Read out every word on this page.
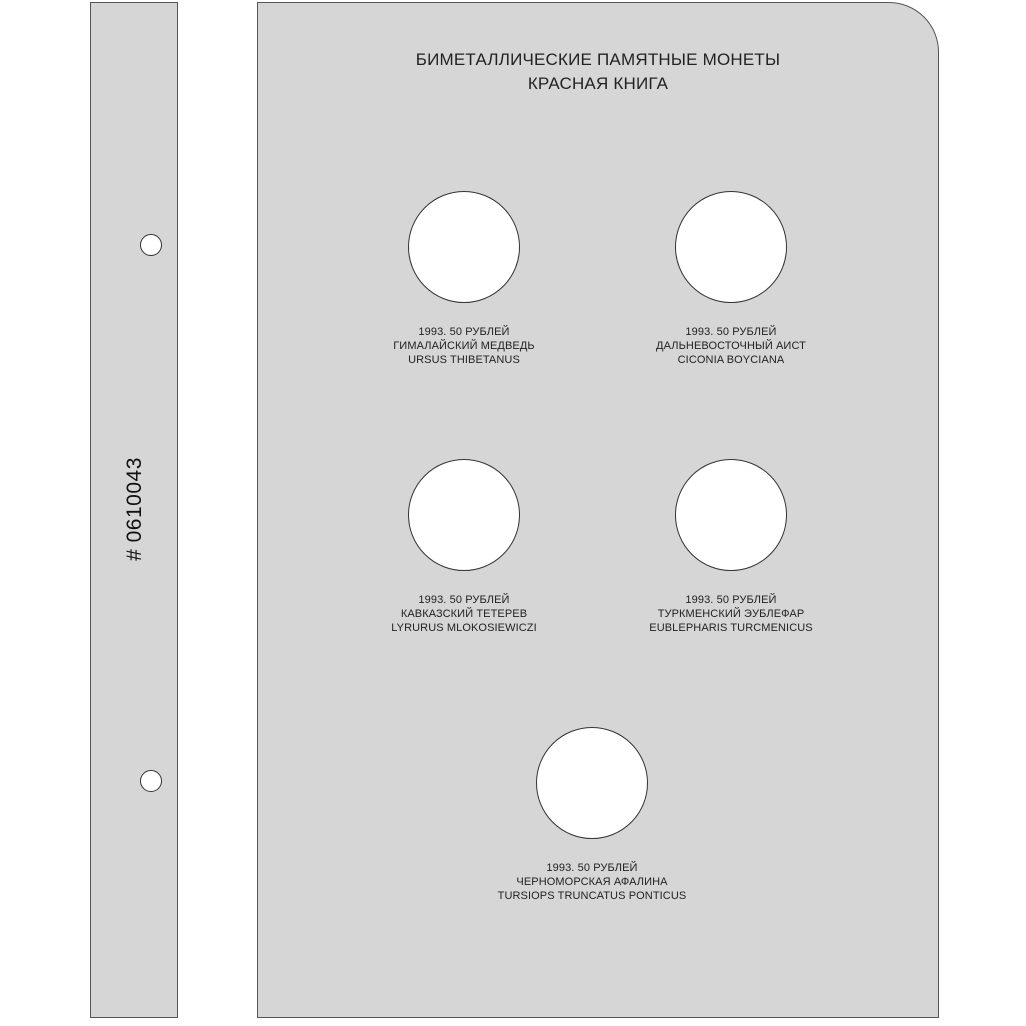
# 0610043
БИМЕТАЛЛИЧЕСКИЕ ПАМЯТНЫЕ МОНЕТЫ
КРАСНАЯ КНИГА
1993. 50 РУБЛЕЙ
ГИМАЛАЙСКИЙ МЕДВЕДЬ
URSUS THIBETANUS
1993. 50 РУБЛЕЙ
ДАЛЬНЕВОСТОЧНЫЙ АИСТ
CICONIA BOYCIANA
1993. 50 РУБЛЕЙ
КАВКАЗСКИЙ ТЕТЕРЕВ
LYRURUS MLOKOSIEWICZI
1993. 50 РУБЛЕЙ
ТУРКМЕНСКИЙ ЭУБЛЕФАР
EUBLEPHARIS TURCMENICUS
1993. 50 РУБЛЕЙ
ЧЕРНОМОРСКАЯ АФАЛИНА
TURSIOPS TRUNCATUS PONTICUS
